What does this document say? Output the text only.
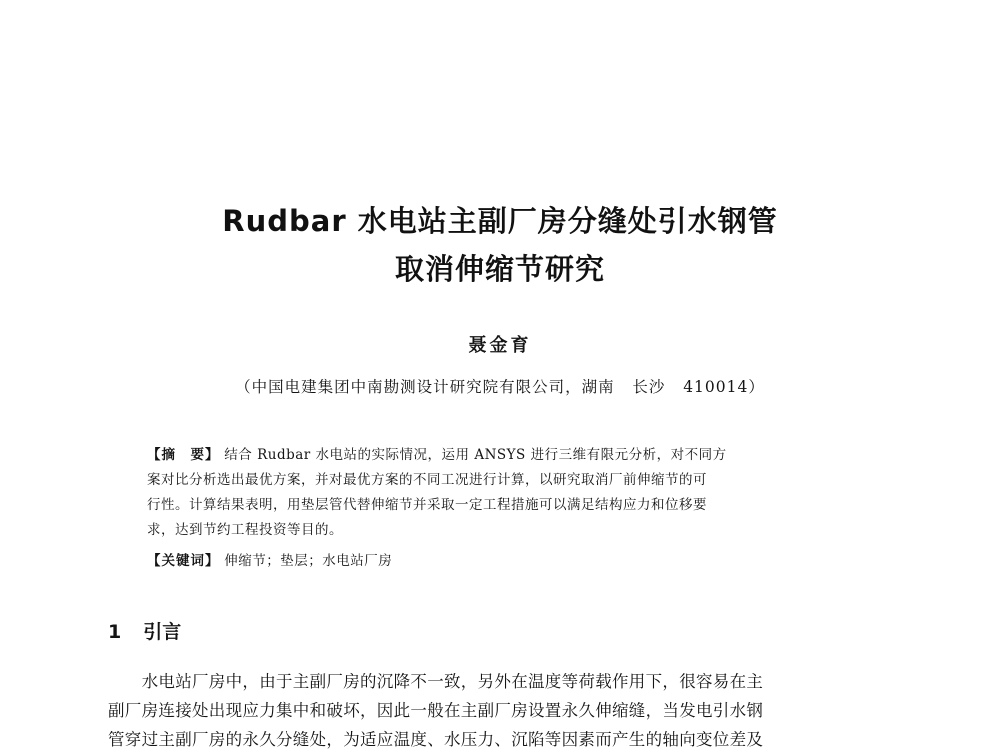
Rudbar 水电站主副厂房分缝处引水钢管
取消伸缩节研究
聂金育
（中国电建集团中南勘测设计研究院有限公司，湖南   长沙   410014）

【摘　要】 结合 Rudbar 水电站的实际情况，运用 ANSYS 进行三维有限元分析，对不同方

案对比分析选出最优方案，并对最优方案的不同工况进行计算，以研究取消厂前伸缩节的可

行性。计算结果表明，用垫层管代替伸缩节并采取一定工程措施可以满足结构应力和位移要

求，达到节约工程投资等目的。

【关键词】 伸缩节；垫层；水电站厂房
1 引言

  水电站厂房中，由于主副厂房的沉降不一致，另外在温度等荷载作用下，很容易在主

副厂房连接处出现应力集中和破坏，因此一般在主副厂房设置永久伸缩缝，当发电引水钢

管穿过主副厂房的永久分缝处，为适应温度、水压力、沉陷等因素而产生的轴向变位差及
